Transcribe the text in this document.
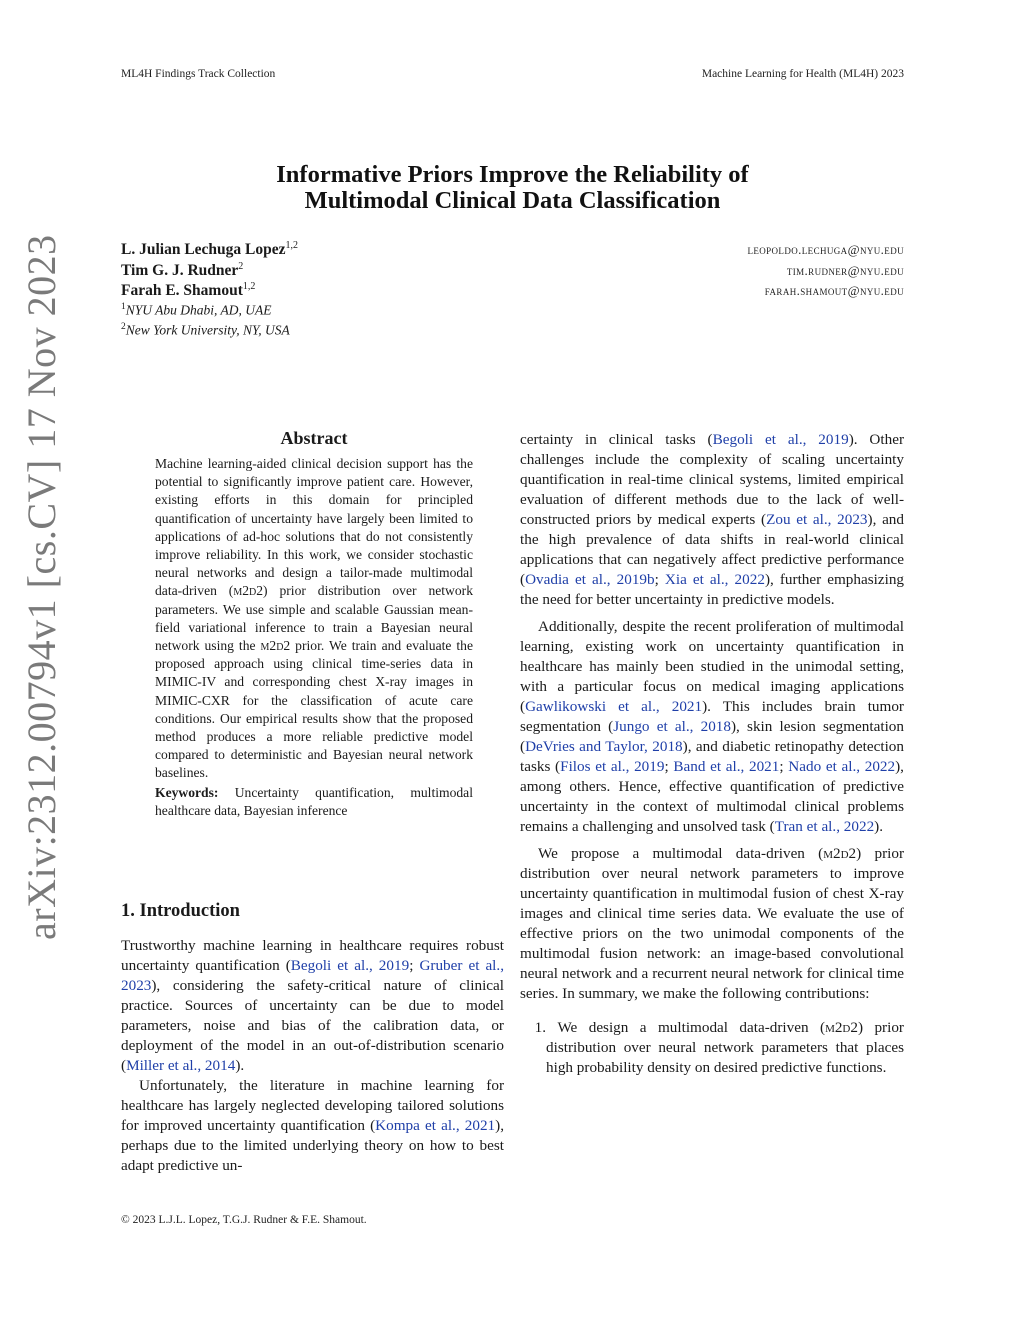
ML4H Findings Track Collection	Machine Learning for Health (ML4H) 2023
arXiv:2312.00794v1 [cs.CV] 17 Nov 2023
Informative Priors Improve the Reliability of
Multimodal Clinical Data Classification
L. Julian Lechuga Lopez$^{1,2}$	leopoldo.lechuga@nyu.edu
Tim G. J. Rudner$^2$	tim.rudner@nyu.edu
Farah E. Shamout$^{1,2}$	farah.shamout@nyu.edu
$^1$NYU Abu Dhabi, AD, UAE
$^2$New York University, NY, USA
Abstract
Machine learning-aided clinical decision support has the potential to significantly improve patient care. However, existing efforts in this domain for principled quantification of uncertainty have largely been limited to applications of ad-hoc solutions that do not consistently improve reliability. In this work, we consider stochastic neural networks and design a tailor-made multimodal data-driven (m2d2) prior distribution over network parameters. We use simple and scalable Gaussian mean-field variational inference to train a Bayesian neural network using the m2d2 prior. We train and evaluate the proposed approach using clinical time-series data in MIMIC-IV and corresponding chest X-ray images in MIMIC-CXR for the classification of acute care conditions. Our empirical results show that the proposed method produces a more reliable predictive model compared to deterministic and Bayesian neural network baselines.
Keywords: Uncertainty quantification, multimodal healthcare data, Bayesian inference
1. Introduction

Trustworthy machine learning in healthcare requires robust uncertainty quantification (Begoli et al., 2019; Gruber et al., 2023), considering the safety-critical nature of clinical practice. Sources of uncertainty can be due to model parameters, noise and bias of the calibration data, or deployment of the model in an out-of-distribution scenario (Miller et al., 2014).

Unfortunately, the literature in machine learning for healthcare has largely neglected developing tailored solutions for improved uncertainty quantification (Kompa et al., 2021), perhaps due to the limited underlying theory on how to best adapt predictive un-

certainty in clinical tasks (Begoli et al., 2019). Other challenges include the complexity of scaling uncertainty quantification in real-time clinical systems, limited empirical evaluation of different methods due to the lack of well-constructed priors by medical experts (Zou et al., 2023), and the high prevalence of data shifts in real-world clinical applications that can negatively affect predictive performance (Ovadia et al., 2019b; Xia et al., 2022), further emphasizing the need for better uncertainty in predictive models.

Additionally, despite the recent proliferation of multimodal learning, existing work on uncertainty quantification in healthcare has mainly been studied in the unimodal setting, with a particular focus on medical imaging applications (Gawlikowski et al., 2021). This includes brain tumor segmentation (Jungo et al., 2018), skin lesion segmentation (DeVries and Taylor, 2018), and diabetic retinopathy detection tasks (Filos et al., 2019; Band et al., 2021; Nado et al., 2022), among others. Hence, effective quantification of predictive uncertainty in the context of multimodal clinical problems remains a challenging and unsolved task (Tran et al., 2022).

We propose a multimodal data-driven (m2d2) prior distribution over neural network parameters to improve uncertainty quantification in multimodal fusion of chest X-ray images and clinical time series data. We evaluate the use of effective priors on the two unimodal components of the multimodal fusion network: an image-based convolutional neural network and a recurrent neural network for clinical time series. In summary, we make the following contributions:

1. We design a multimodal data-driven (m2d2) prior distribution over neural network parameters that places high probability density on desired predictive functions.
© 2023 L.J.L. Lopez, T.G.J. Rudner & F.E. Shamout.
